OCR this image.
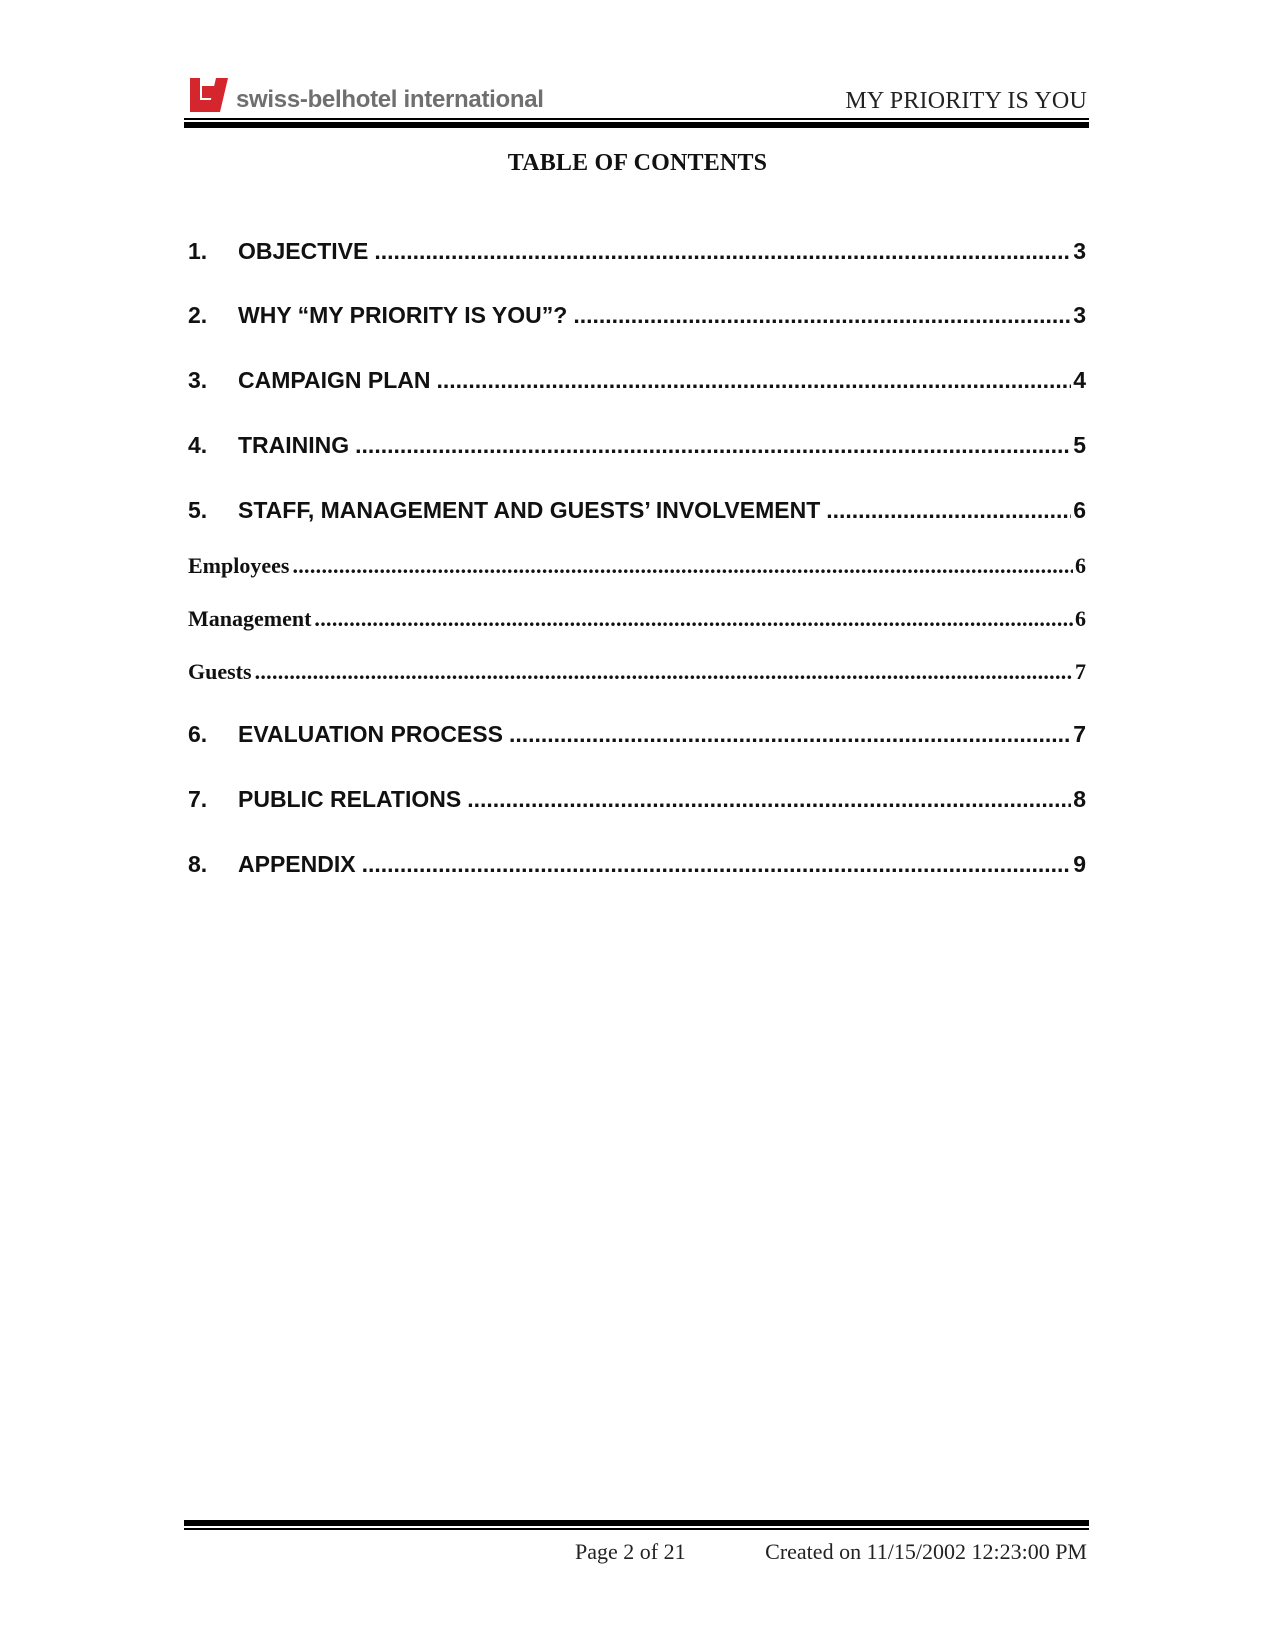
swiss-belhotel international	MY PRIORITY IS YOU
TABLE OF CONTENTS
1.	OBJECTIVE . . .	3
2.	WHY “MY PRIORITY IS YOU”? . . .	3
3.	CAMPAIGN PLAN . . .	4
4.	TRAINING . . .	5
5.	STAFF, MANAGEMENT AND GUESTS’ INVOLVEMENT . . .	6
Employees . . .	6
Management . . .	6
Guests . . .	7
6.	EVALUATION PROCESS . . .	7
7.	PUBLIC RELATIONS . . .	8
8.	APPENDIX . . .	9
Page 2 of 21	Created on 11/15/2002 12:23:00 PM
